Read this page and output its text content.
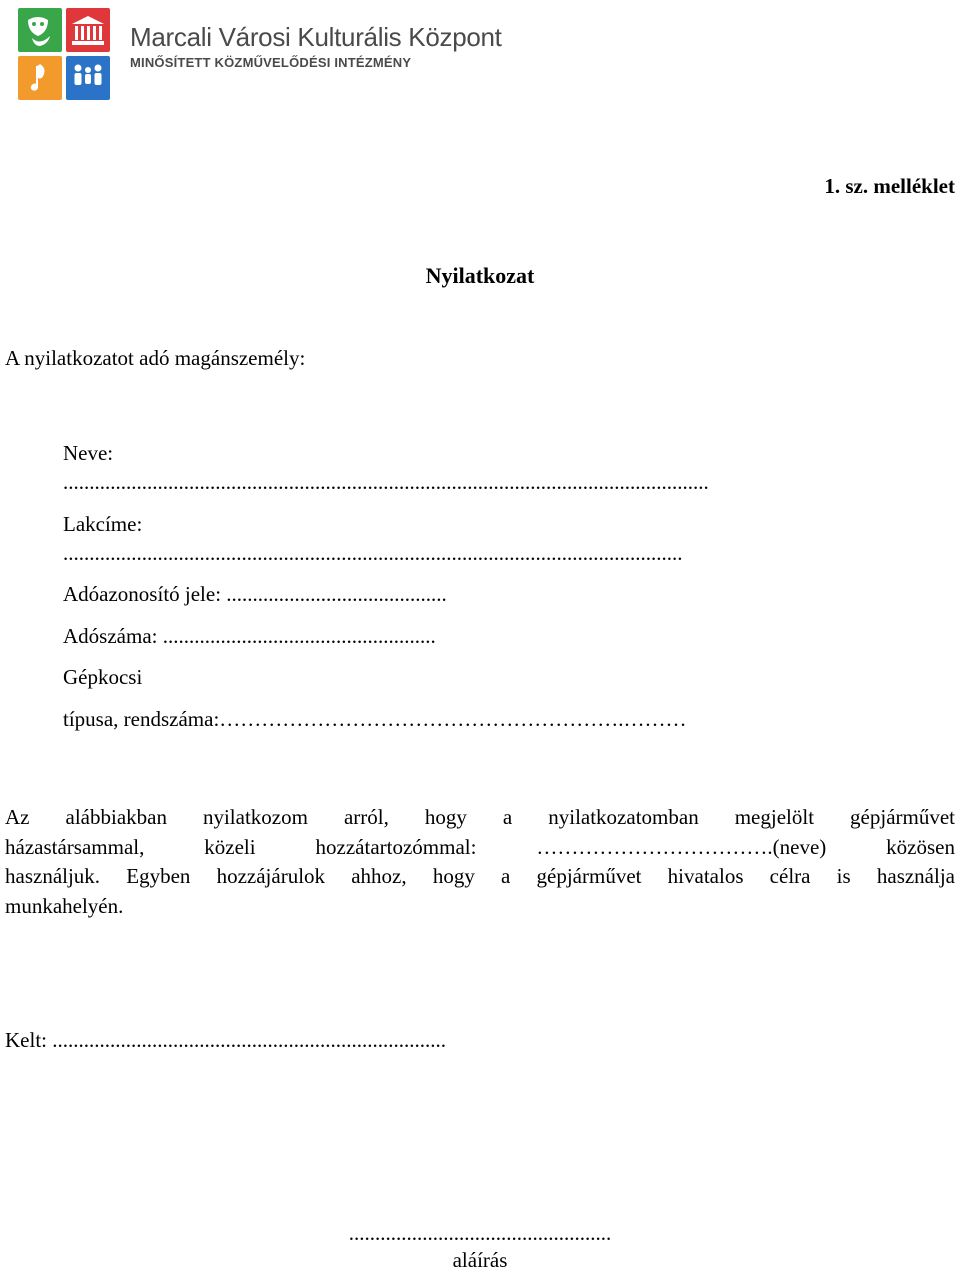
Marcali Városi Kulturális Központ
MINŐSÍTETT KÖZMŰVELŐDÉSI INTÉZMÉNY
1. sz. melléklet
Nyilatkozat
A nyilatkozatot adó magánszemély:
Neve:
...........................................................................................................................
Lakcíme:
......................................................................................................................
Adóazonosító jele: ..........................................
Adószáma: ....................................................
Gépkocsi
típusa, rendszáma:………………………………………………….………
Az alábbiakban nyilatkozom arról, hogy a nyilatkozatomban megjelölt gépjárművet
házastársammal, közeli hozzátartozómmal: …………………………….(neve) közösen
használjuk. Egyben hozzájárulok ahhoz, hogy a gépjárművet hivatalos célra is használja
munkahelyén.
Kelt: ...........................................................................
..................................................
aláírás
